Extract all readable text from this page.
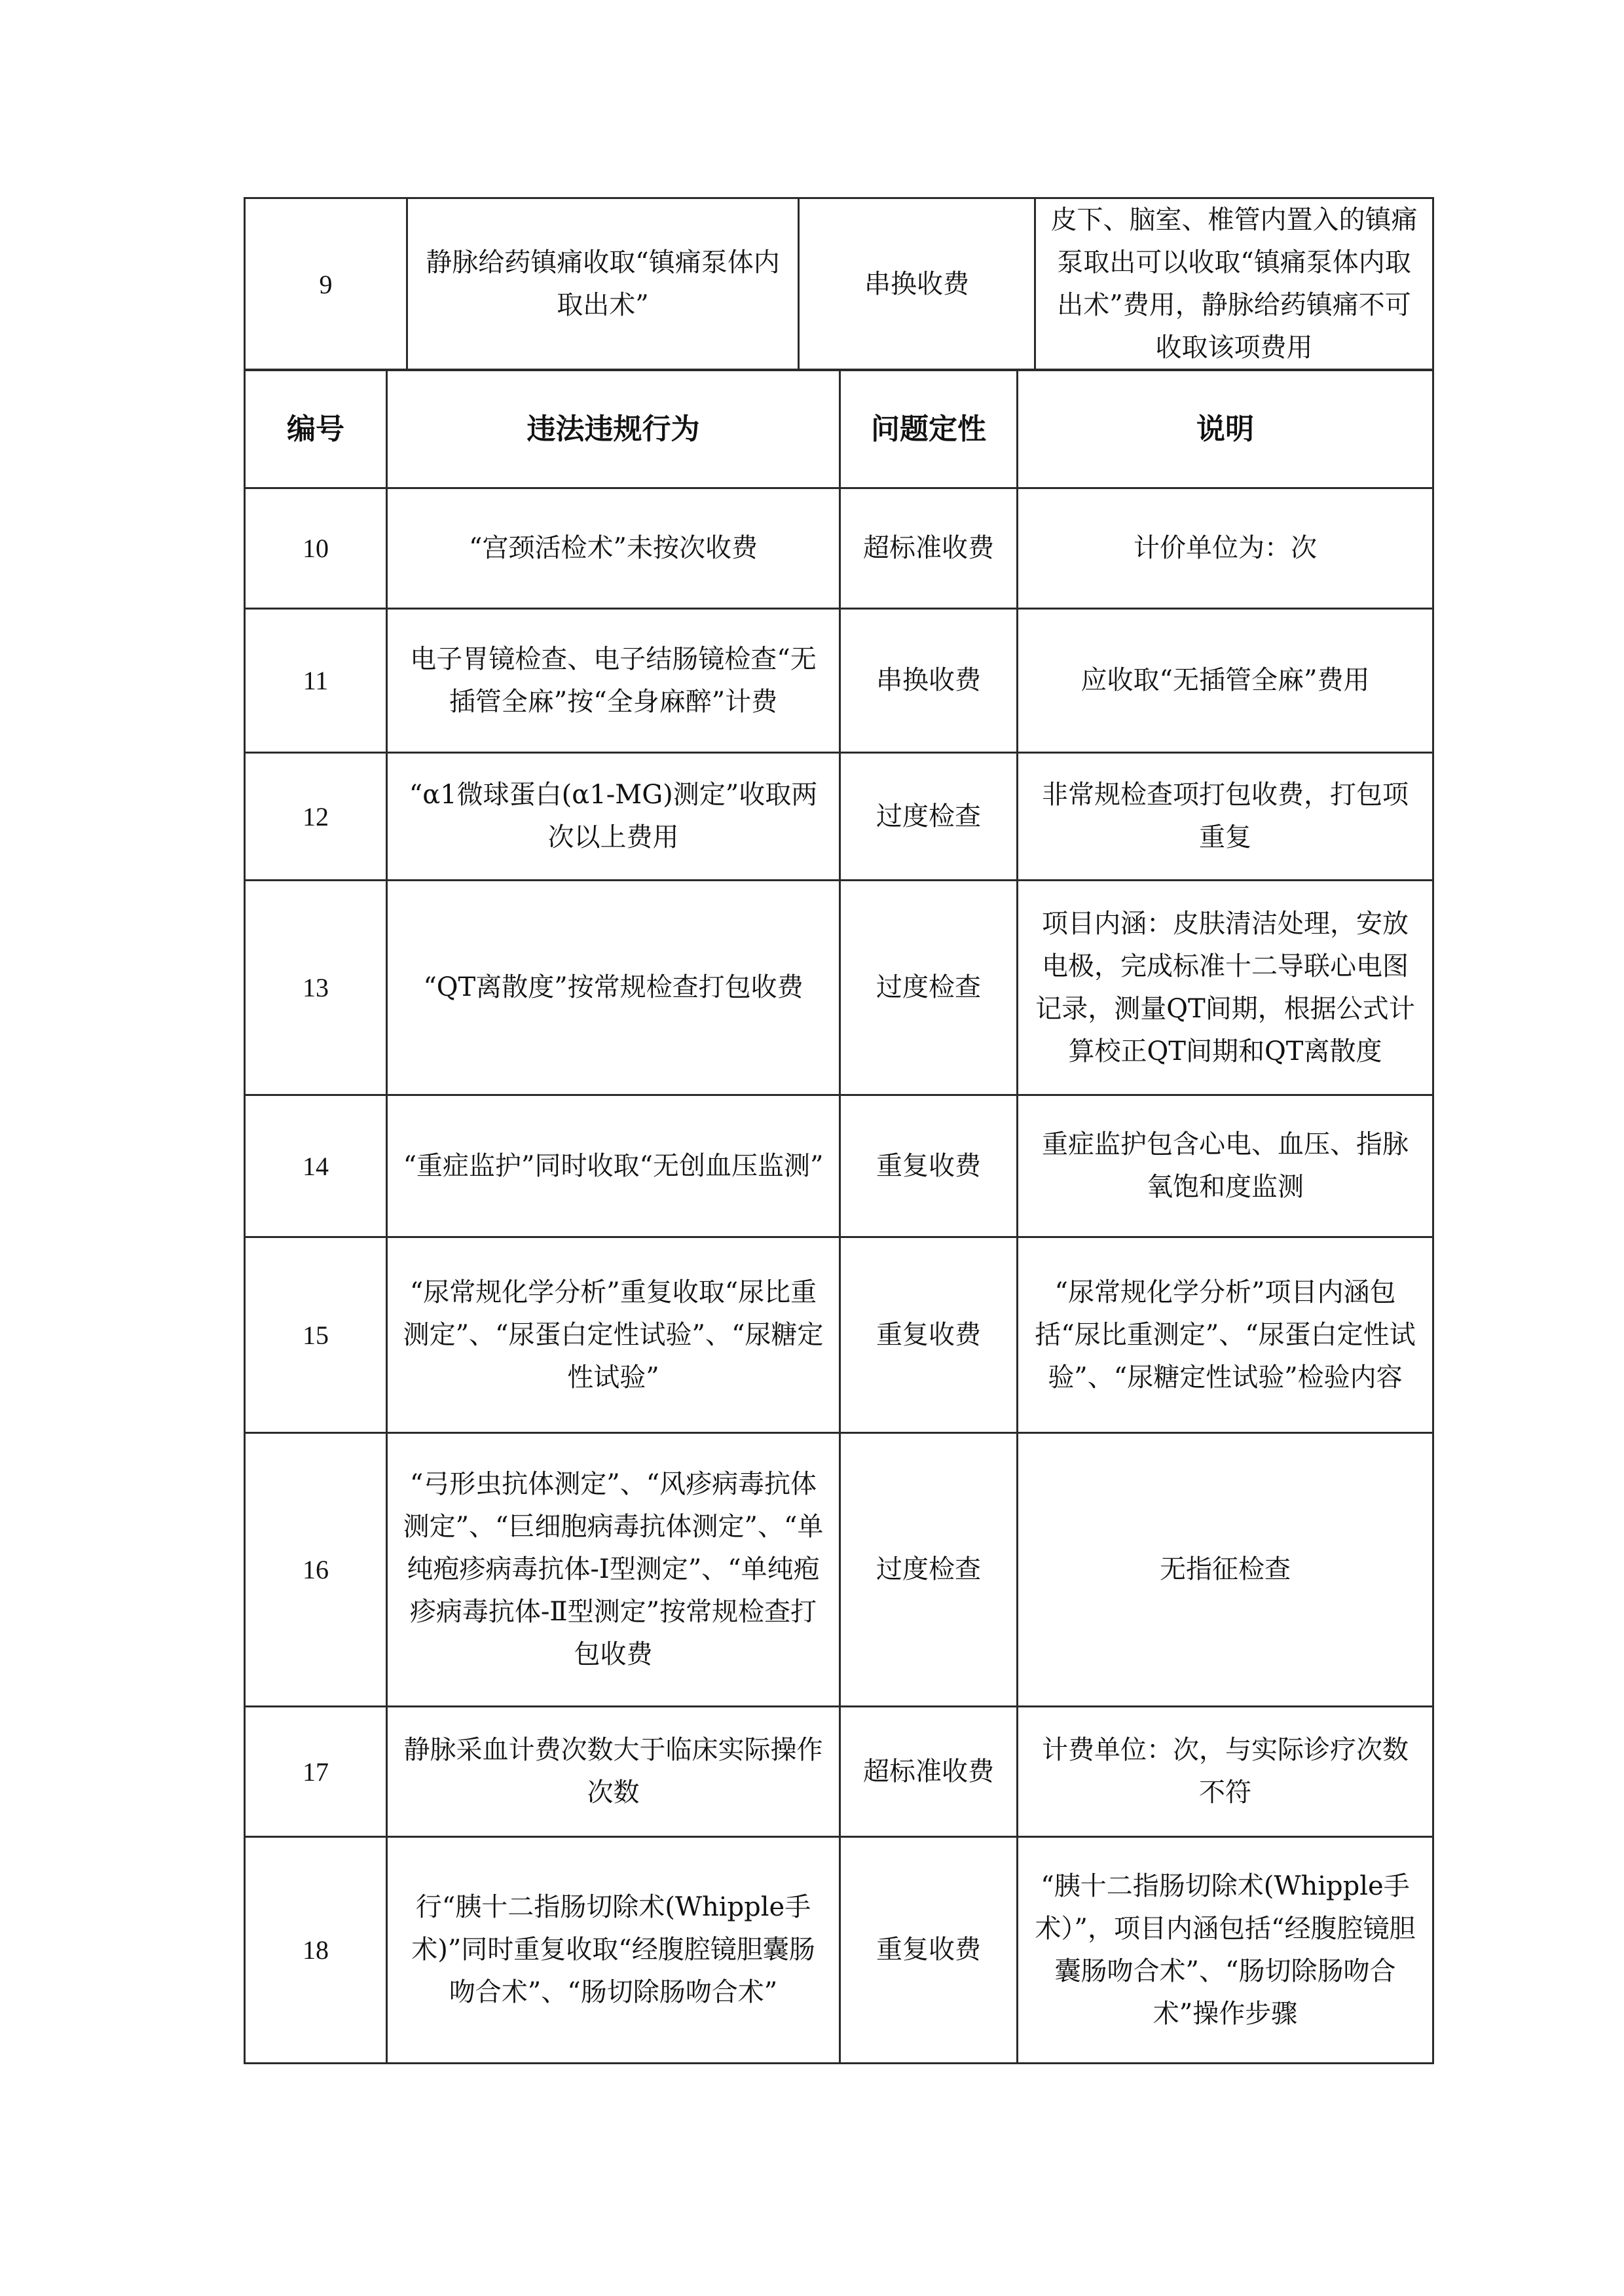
9	静脉给药镇痛收取“镇痛泵体内取出术”	串换收费	皮下、脑室、椎管内置入的镇痛泵取出可以收取“镇痛泵体内取出术”费用，静脉给药镇痛不可收取该项费用
编号	违法违规行为	问题定性	说明
10	“宫颈活检术”未按次收费	超标准收费	计价单位为：次
11	电子胃镜检查、电子结肠镜检查“无插管全麻”按“全身麻醉”计费	串换收费	应收取“无插管全麻”费用
12	“α1微球蛋白(α1-MG)测定”收取两次以上费用	过度检查	非常规检查项打包收费，打包项重复
13	“QT离散度”按常规检查打包收费	过度检查	项目内涵：皮肤清洁处理，安放电极，完成标准十二导联心电图记录，测量QT间期，根据公式计算校正QT间期和QT离散度
14	“重症监护”同时收取“无创血压监测”	重复收费	重症监护包含心电、血压、指脉氧饱和度监测
15	“尿常规化学分析”重复收取“尿比重测定”、“尿蛋白定性试验”、“尿糖定性试验”	重复收费	“尿常规化学分析”项目内涵包括“尿比重测定”、“尿蛋白定性试验”、“尿糖定性试验”检验内容
16	“弓形虫抗体测定”、“风疹病毒抗体测定”、“巨细胞病毒抗体测定”、“单纯疱疹病毒抗体-Ⅰ型测定”、“单纯疱疹病毒抗体-Ⅱ型测定”按常规检查打包收费	过度检查	无指征检查
17	静脉采血计费次数大于临床实际操作次数	超标准收费	计费单位：次，与实际诊疗次数不符
18	行“胰十二指肠切除术(Whipple手术)”同时重复收取“经腹腔镜胆囊肠吻合术”、“肠切除肠吻合术”	重复收费	“胰十二指肠切除术(Whipple手术）”，项目内涵包括“经腹腔镜胆囊肠吻合术”、“肠切除肠吻合术”操作步骤
